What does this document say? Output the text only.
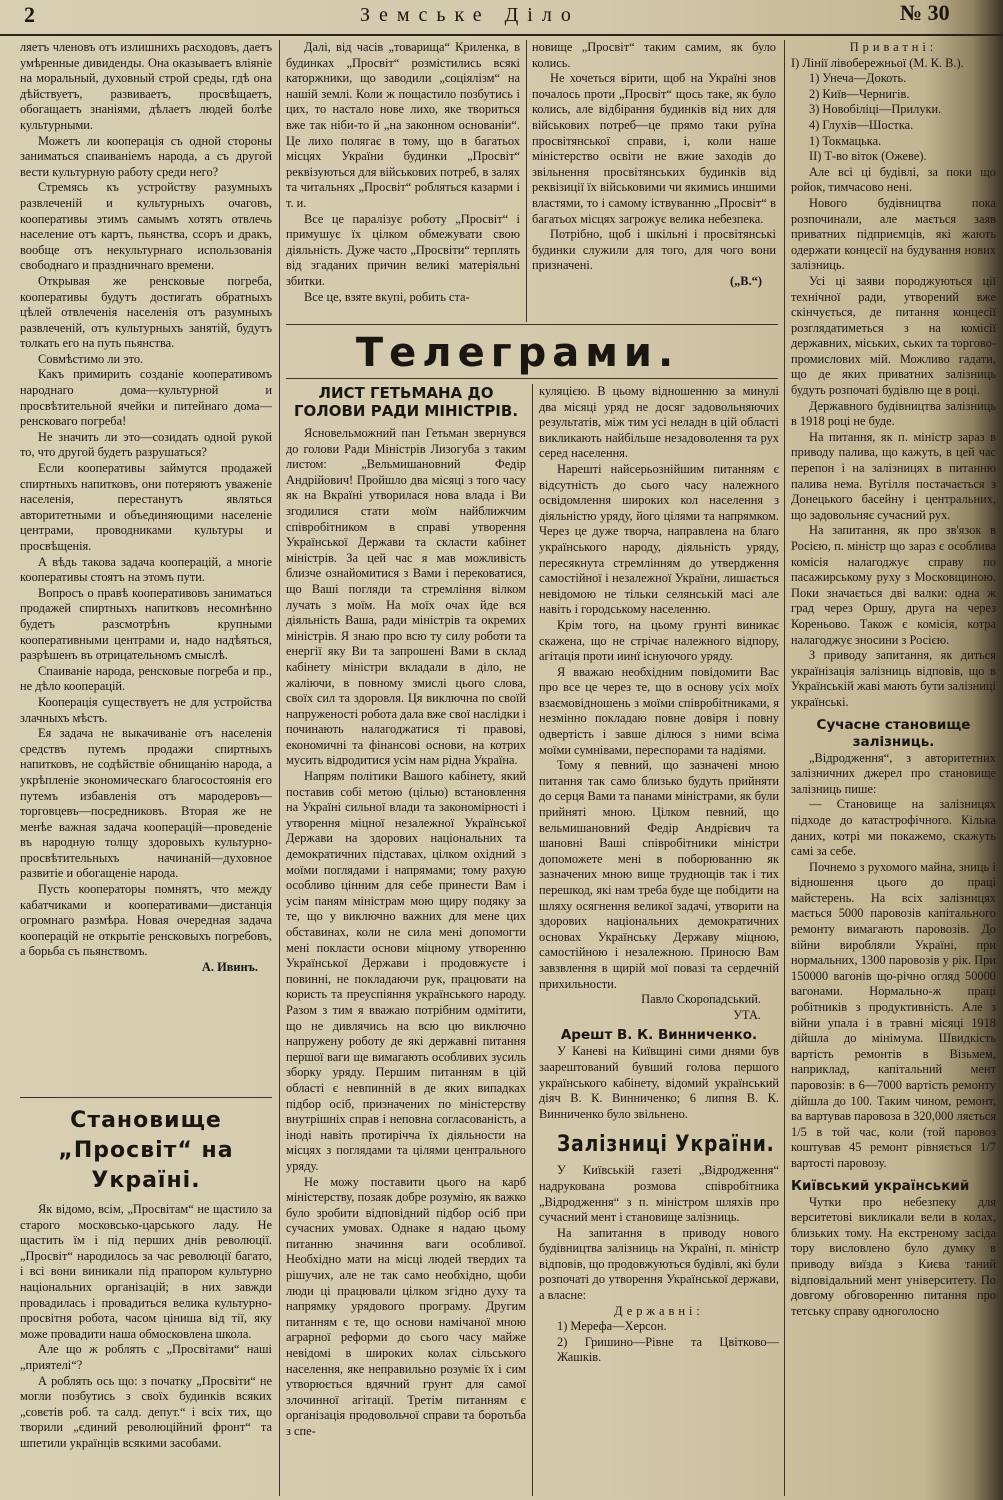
2	Земське Діло	№ 30

ляетъ членовъ отъ излишнихъ расходовъ, даетъ умѣренные дивиденды. Она оказываетъ вліяніе на моральный, духовный строй среды, гдѣ она дѣйствуетъ, развиваетъ, просвѣщаетъ, обогащаетъ знаніями, дѣлаетъ людей болѣе культурными.

Можетъ ли кооперація съ одной стороны заниматься спаиваніемъ народа, а съ другой вести культурную работу среди него?

Стремясь къ устройству разумныхъ развлеченій и культурныхъ очаговъ, кооперативы этимъ самымъ хотятъ отвлечь население отъ картъ, пьянства, ссоръ и дракъ, вообще отъ некультурнаго использованія свободнаго и праздничнаго времени.

Открывая же ренсковые погреба, кооперативы будутъ достигать обратныхъ цѣлей отвлеченія населенія отъ разумныхъ развлеченій, отъ культурныхъ занятій, будутъ толкать его на путь пьянства.

Совмѣстимо ли это.

Какъ примирить созданіе кооперативомъ народнаго дома—культурной и просвѣтительной ячейки и питейнаго дома—ренсковаго погреба!

Не значить ли это—созидать одной рукой то, что другой будетъ разрушаться?

Если кооперативы займутся продажей спиртныхъ напитковъ, они потеряютъ уваженіе населенія, перестанутъ являться авторитетными и объединяющими населеніе центрами, проводниками культуры и просвѣщенія.

А вѣдь такова задача кооперацій, а многіе кооперативы стоятъ на этомъ пути.

Вопросъ о правѣ кооперативовъ заниматься продажей спиртныхъ напитковъ несомнѣнно будетъ разсмотрѣнъ крупными кооперативными центрами и, надо надѣяться, разрѣшенъ въ отрицательномъ смыслѣ.

Спаиваніе народа, ренсковые погреба и пр., не дѣло кооперацій.

Кооперація существуетъ не для устройства злачныхъ мѣстъ.

Ея задача не выкачиваніе отъ населенія средствъ путемъ продажи спиртныхъ напитковъ, не содѣйствіе обнищанію народа, а укрѣпленіе экономическаго благосостоянія его путемъ избавленія отъ мародеровъ—торговцевъ—посредниковъ. Вторая же не менѣе важная задача кооперацій—проведеніе въ народную толщу здоровыхъ культурно-просвѣтительныхъ начинаній—духовное развитіе и обогащеніе народа.

Пусть кооператоры помнятъ, что между кабатчиками и кооперативами—дистанція огромнаго размѣра. Новая очередная задача кооперацій не открытіе ренсковыхъ погребовъ, а борьба съ пьянствомъ.

А. Ивинъ.

Становище „Просвіт“ на Україні.

Як відомо, всім, „Просвітам“ не щастило за старого московсько-царського ладу. Не щастить їм і під перших днів революції. „Просвіт“ народилось за час революції багато, і всі вони виникали під прапором культурно національних організацій; в них завжди провадилась і провадиться велика культурно-просвітня робота, часом ціниша від тії, яку може провадити наша обмосковлена школа.

Але що ж роблять с „Просвітами“ наші „приятелі“?

А роблять ось що: з початку „Просвіти“ не могли позбутись з своїх будинків всяких „совєтів роб. та салд. депут.“ і всіх тих, що творили „єдиний революційний фронт“ та шпетили українців всякими засобами.

Далі, від часів „товарища“ Криленка, в будинках „Просвіт“ розмістились всякі каторжники, що заводили „соціялізм“ на нашій землі. Коли ж пощастило позбутись і цих, то настало нове лихо, яке твориться вже так ніби-то й „на законном основаніи“. Це лихо полягає в тому, що в багатьох місцях України будинки „Просвіт“ реквізуються для військових потреб, в залях та читальнях „Просвіт“ робляться казарми і т. и.

Все це паралізує роботу „Просвіт“ і примушує їх цілком обмежувати свою діяльність. Дуже часто „Просвіти“ терплять від згаданих причин великі матеріяльні збитки.

Все це, взяте вкупі, робить ста-

новище „Просвіт“ таким самим, як було колись.

Не хочеться вірити, щоб на Україні знов почалось проти „Просвіт“ щось таке, як було колись, але відбірання будинків від них для військових потреб—це прямо таки руїна просвітянської справи, і, коли наше міністерство освіти не вжие заходів до звільнення просвітянських будинків від реквізиції їх військовими чи якимись иншими властями, то і самому іствуванню „Просвіт“ в багатьох місцях загрожує велика небезпека.

Потрібно, щоб і шкільні і просвітянські будинки служили для того, для чого вони призначені.

(„В.“)

Телеграми.
ЛИСТ ГЕТЬМАНА ДО ГОЛОВИ РАДИ МІНІСТРІВ.

Ясновельможний пан Гетьман звернувся до голови Ради Міністрів Лизогуба з таким листом: „Вельмишановний Федір Андрійович! Пройшло два місяці з того часу як на Вкраїні утворилася нова влада і Ви згодилися стати моїм найближчим співробітником в справі утворення Української Держави та скласти кабінет міністрів. За цей час я мав можливість близче ознайомитися з Вами і перековатися, що Ваші погляди та стремління вілком лучать з моїм. На моїх очах йде вся діяльність Ваша, ради міністрів та окремих міністрів. Я знаю про всю ту силу роботи та енергії яку Ви та запрошені Вами в склад кабінету міністри вкладали в діло, не жаліючи, в повному змислі цього слова, своїх сил та здоровля. Ця виключна по своїй напруженості робота дала вже свої наслідки і починають налагоджатися ті правові, економичні та фінансові основи, на котрих мусить відродитися усім нам рідна Україна.

Напрям політики Вашого кабінету, який поставив собі метою (цілью) встановлення на Україні сильної влади та закономірності і утворення міцної незалежної Української Держави на здорових національних та демократичних підставах, цілком охідний з моїми поглядами і напрямами; тому рахую особливо цінним для себе принести Вам і усім паням міністрам мою щиру подяку за те, що у виключно важних для мене цих обставинах, коли не сила мені допомогти мені покласти основи міцному утворенню Української Держави і продовжуєте і повинні, не покладаючи рук, працювати на користь та преуспіяння українського народу. Разом з тим я вважаю потрібним одмітити, що не дивлячись на всю цю виключно напружену роботу де які державні питання першої ваги ще вимагають особливих зусиль зборку уряду. Першим питанням в цій області є невпинній в де яких випадках підбор осіб, призначених по міністерству внутрішніх справ і неповна согласованість, а іноді навіть протирічча їх діяльности на місцях з поглядами та цілями центрального уряду.

Не можу поставити цього на карб міністерству, позаяк добре розумію, як важко було зробити відповідний підбор осіб при сучасних умовах. Однаке я надаю цьому питанню значиння ваги особливої. Необхідно мати на місці людей твердих та рішучих, але не так само необхідно, щоби люди ці працювали цілком згідно духу та напрямку урядового програму. Другим питанням є те, що основи намічаної мною аграрної реформи до сього часу майже невідомі в широких колах сільського населення, яке неправильно розуміє їх і сим утворюється вдячний грунт для самої злочинної агітації. Третім питанням є організація продовольчої справи та боротьба з спе-

куляцією. В цьому відношенню за минулі два місяці уряд не досяг задовольняючих результатів, між тим усі неладн в цій області викликають найбільше незадоволення та рух серед населення.

Нарешті найсерьознійшим питанням є відсутність до сього часу належного освідомлення широких кол населення з діяльністю уряду, його цілями та напрямком. Через це дуже творча, направлена на благо українського народу, діяльність уряду, пересякнута стремлінням до утвердження самостійної і незалежної України, лишається невідомою не тільки селянській масі але навіть і городському населенню.

Крім того, на цьому грунті виникає скажена, що не стрічає належного відпору, агітація проти иинї існуючого уряду.

Я вважаю необхідним повідомити Вас про все це через те, що в основу усіх моїх взаємовідношень з моїми співробітниками, я незмінно покладаю повне довіря і повну одвертість і завше ділюся з ними всіма моїми сумнівами, переспорами та надіями.

Тому я певний, що зазначені мною питання так само близько будуть прийняти до серця Вами та панами міністрами, як були прийняті мною. Цілком певний, що вельмишановний Федір Андрієвич та шановні Ваші співробітники міністри допоможете мені в поборюванню як зазначених мною вище труднощів так і тих перешкод, які нам треба буде ще побідити на шляху осягнення великої задачі, утворити на здорових національних демократичних основах Українську Державу міцною, самостійною і незалежною. Приносю Вам завзвлення в щирій мої повазі та сердечній прихильности.

Павло Скоропадський.

УТА.

Арешт В. К. Винниченко.

У Каневі на Київщині сими днями був заарештований бувший голова першого українського кабінету, відомий український діяч В. К. Винниченко; 6 липня В. К. Винниченко було звільнено.

Залізниці України.

У Київській газеті „Відродження“ надрукована розмова співробітника „Відродження“ з п. міністром шляхів про сучасний мент і становище залізниць.

На запитання в приводу нового будівництва залізниць на Україні, п. міністр відповів, що продовжуються будівлі, які були розпочаті до утворення Української держави, а власне:

Державні:

1) Мерефа—Херсон.
2) Гришино—Рівне та Цвітково—Жашків.

Приватні:

I) Лінії лівобережньої (М. К. В.).

1) Унеча—Докоть.
2) Київ—Чернигів.
3) Новобіліці—Прилуки.
4) Глухів—Шостка.
1) Токмацька.
II) Т-во віток (Ожеве).

Але всі ці будівлі, за поки що ройок, тимчасово нені.

Нового будівництва пока розпочинали, але мається заяв приватних підприємців, які жають одержати концесії на будування нових залізниць.

Усі ці заяви породжуються ції технічної ради, утворений вже скінчується, де питання концесії розглядатиметься з на комісії державних, міських, ських та торгово-промислових мій. Можливо гадати, що де яких приватних залізниць будуть розпочаті будівлю ще в році.

Державного будівництва залізниць в 1918 році не буде.

На питання, як п. міністр зараз в приводу палива, що кажуть, в цей час перепон і на залізницях в питанню палива нема. Вугілля постачається з Донецького басейну і центральних, що задовольняє сучасний рух.

На запитання, як про зв'язок в Росією, п. міністр що зараз є особлива комісія налагоджує справу по пасажирському руху з Московщиною. Поки значається дві валки: одна ж град через Оршу, друга на через Кореньово. Також є комісія, котра налагоджує зносини з Росією.

З приводу запитання, як диться українізація залізниць відповів, що в Українській жаві мають бути залізниці українські.

Сучасне становище залізниць.

„Відродження“, з авторитетних залізничних джерел про становище залізниць пише:

— Становище на залізницях підходе до катастрофічного. Кілька даних, котрі ми покажемо, скажуть самі за себе.

Почнемо з рухомого майна, зниць і відношення цього до праці майстерень. На всіх залізницях мається 5000 паровозів капітального ремонту вимагають паровозів. До війни виробляли Україні, при нормальних, 1300 паровозів у рік. При 150000 вагонів що-річно огляд 50000 вагонами. Нормально-ж праці робітників з продуктивність. Але з війни упала і в травні місяці 1918 дійшла до мінімума. Швидкість вартість ремонтів в Візьмем, наприклад, капітальний мент паровозів: в 6—7000 вартість ремонту дійшла до 100. Таким чином, ремонт, ва вартував паровоза в 320,000 ляється 1/5 в той час, коли (той паровоз коштував 45 ремонт рівняється 1/7 вартості паровозу.

Київський український

Чутки про небезпеку для верситетові викликали вели в колах, близьких тому. На екстреному засіда тору висловлено було думку в приводу виїзда з Києва таний відповідальний мент університету. По довгому обговоренню питання про тетську справу одноголосно
